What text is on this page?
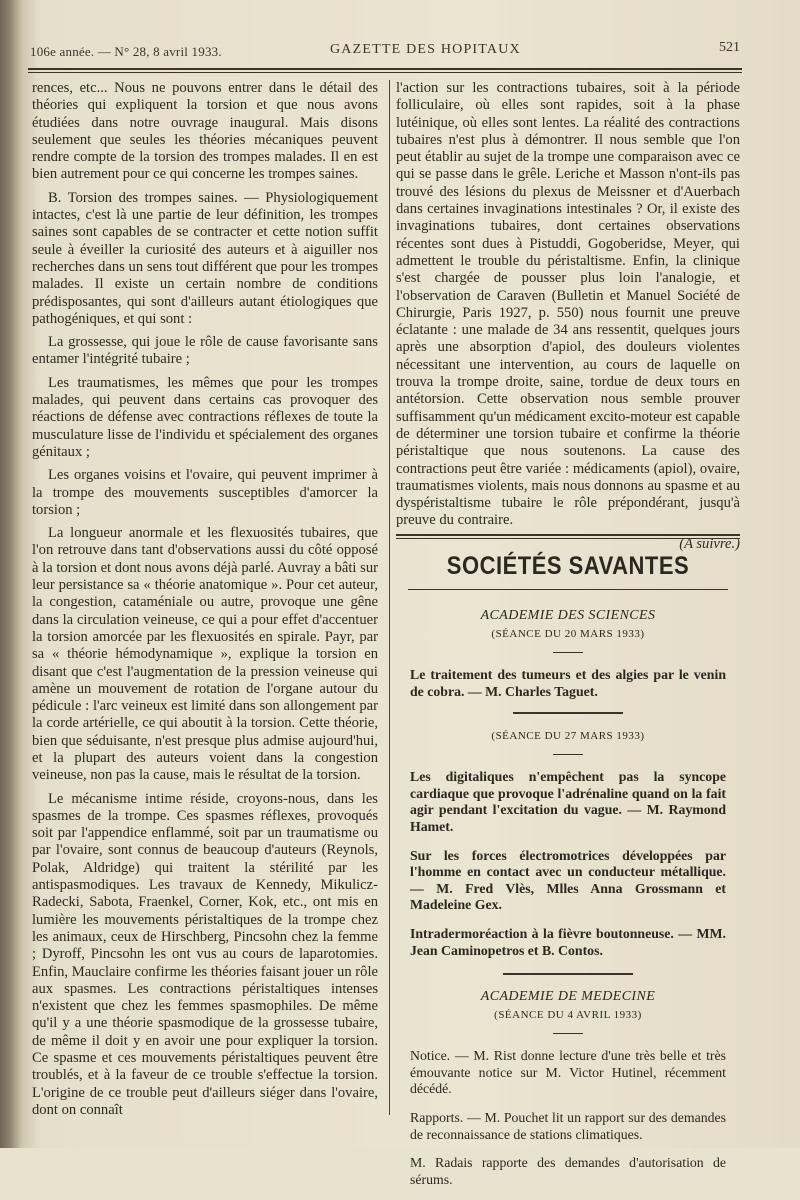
106e année. — N° 28, 8 avril 1933.	GAZETTE DES HOPITAUX	521

rences, etc... Nous ne pouvons entrer dans le détail des théories qui expliquent la torsion et que nous avons étudiées dans notre ouvrage inaugural. Mais disons seulement que seules les théories mécaniques peuvent rendre compte de la torsion des trompes malades. Il en est bien autrement pour ce qui concerne les trompes saines.

B. Torsion des trompes saines. — Physiologiquement intactes, c'est là une partie de leur définition, les trompes saines sont capables de se contracter et cette notion suffit seule à éveiller la curiosité des auteurs et à aiguiller nos recherches dans un sens tout différent que pour les trompes malades. Il existe un certain nombre de conditions prédisposantes, qui sont d'ailleurs autant étiologiques que pathogéniques, et qui sont :

La grossesse, qui joue le rôle de cause favorisante sans entamer l'intégrité tubaire ;

Les traumatismes, les mêmes que pour les trompes malades, qui peuvent dans certains cas provoquer des réactions de défense avec contractions réflexes de toute la musculature lisse de l'individu et spécialement des organes génitaux ;

Les organes voisins et l'ovaire, qui peuvent imprimer à la trompe des mouvements susceptibles d'amorcer la torsion ;

La longueur anormale et les flexuosités tubaires, que l'on retrouve dans tant d'observations aussi du côté opposé à la torsion et dont nous avons déjà parlé. Auvray a bâti sur leur persistance sa « théorie anatomique ». Pour cet auteur, la congestion, cataméniale ou autre, provoque une gêne dans la circulation veineuse, ce qui a pour effet d'accentuer la torsion amorcée par les flexuosités en spirale. Payr, par sa « théorie hémodynamique », explique la torsion en disant que c'est l'augmentation de la pression veineuse qui amène un mouvement de rotation de l'organe autour du pédicule : l'arc veineux est limité dans son allongement par la corde artérielle, ce qui aboutit à la torsion. Cette théorie, bien que séduisante, n'est presque plus admise aujourd'hui, et la plupart des auteurs voient dans la congestion veineuse, non pas la cause, mais le résultat de la torsion.

Le mécanisme intime réside, croyons-nous, dans les spasmes de la trompe. Ces spasmes réflexes, provoqués soit par l'appendice enflammé, soit par un traumatisme ou par l'ovaire, sont connus de beaucoup d'auteurs (Reynols, Polak, Aldridge) qui traitent la stérilité par les antispasmodiques. Les travaux de Kennedy, Mikulicz-Radecki, Sabota, Fraenkel, Corner, Kok, etc., ont mis en lumière les mouvements péristaltiques de la trompe chez les animaux, ceux de Hirschberg, Pincsohn chez la femme ; Dyroff, Pincsohn les ont vus au cours de laparotomies. Enfin, Mauclaire confirme les théories faisant jouer un rôle aux spasmes. Les contractions péristaltiques intenses n'existent que chez les femmes spasmophiles. De même qu'il y a une théorie spasmodique de la grossesse tubaire, de même il doit y en avoir une pour expliquer la torsion. Ce spasme et ces mouvements péristaltiques peuvent être troublés, et à la faveur de ce trouble s'effectue la torsion. L'origine de ce trouble peut d'ailleurs siéger dans l'ovaire, dont on connaît

l'action sur les contractions tubaires, soit à la période folliculaire, où elles sont rapides, soit à la phase lutéinique, où elles sont lentes. La réalité des contractions tubaires n'est plus à démontrer. Il nous semble que l'on peut établir au sujet de la trompe une comparaison avec ce qui se passe dans le grêle. Leriche et Masson n'ont-ils pas trouvé des lésions du plexus de Meissner et d'Auerbach dans certaines invaginations intestinales ? Or, il existe des invaginations tubaires, dont certaines observations récentes sont dues à Pistuddi, Gogoberidse, Meyer, qui admettent le trouble du péristaltisme. Enfin, la clinique s'est chargée de pousser plus loin l'analogie, et l'observation de Caraven (Bulletin et Manuel Société de Chirurgie, Paris 1927, p. 550) nous fournit une preuve éclatante : une malade de 34 ans ressentit, quelques jours après une absorption d'apiol, des douleurs violentes nécessitant une intervention, au cours de laquelle on trouva la trompe droite, saine, tordue de deux tours en antétorsion. Cette observation nous semble prouver suffisamment qu'un médicament excito-moteur est capable de déterminer une torsion tubaire et confirme la théorie péristaltique que nous soutenons. La cause des contractions peut être variée : médicaments (apiol), ovaire, traumatismes violents, mais nous donnons au spasme et au dyspéristaltisme tubaire le rôle prépondérant, jusqu'à preuve du contraire.

(A suivre.)

SOCIÉTÉS SAVANTES
ACADEMIE DES SCIENCES
(SÉANCE DU 20 MARS 1933)

Le traitement des tumeurs et des algies par le venin de cobra. — M. Charles Taguet.

(SÉANCE DU 27 MARS 1933)

Les digitaliques n'empêchent pas la syncope cardiaque que provoque l'adrénaline quand on la fait agir pendant l'excitation du vague. — M. Raymond Hamet.

Sur les forces électromotrices développées par l'homme en contact avec un conducteur métallique. — M. Fred Vlès, Mlles Anna Grossmann et Madeleine Gex.

Intradermoréaction à la fièvre boutonneuse. — MM. Jean Caminopetros et B. Contos.

ACADEMIE DE MEDECINE
(SÉANCE DU 4 AVRIL 1933)

Notice. — M. Rist donne lecture d'une très belle et très émouvante notice sur M. Victor Hutinel, récemment décédé.

Rapports. — M. Pouchet lit un rapport sur des demandes de reconnaissance de stations climatiques.

M. Radais rapporte des demandes d'autorisation de sérums.
